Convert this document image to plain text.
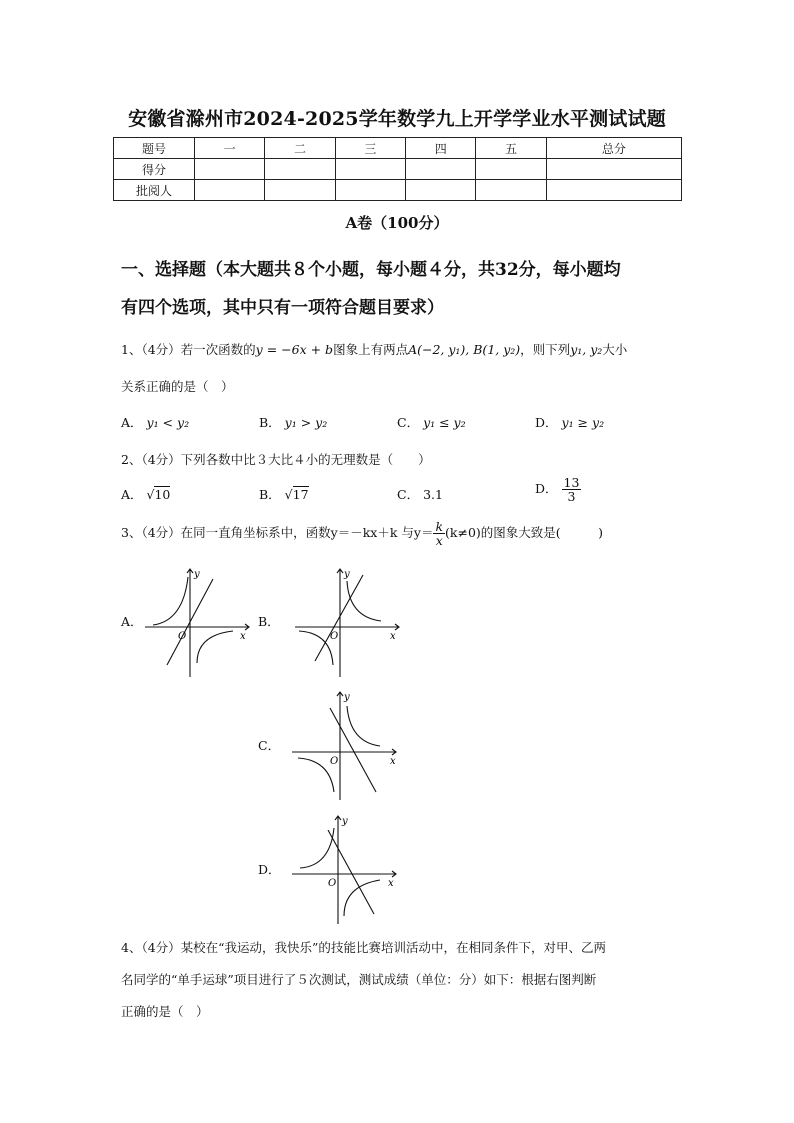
安徽省滁州市2024-2025学年数学九上开学学业水平测试试题
题号	一	二	三	四	五	总分
得分						
批阅人						
A卷（100分）
一、选择题（本大题共８个小题，每小题４分，共32分，每小题均
有四个选项，其中只有一项符合题目要求）
1、（4分）若一次函数的y = −6x + b图象上有两点A(−2, y₁), B(1, y₂)，则下列y₁, y₂大小
关系正确的是（　）
A． y₁ < y₂	B． y₁ > y₂	C． y₁ ≤ y₂	D． y₁ ≥ y₂
2、（4分）下列各数中比３大比４小的无理数是（　　）
A． √10	B． √17	C． 3.1	D． $\frac{13}{3}$
3、（4分）在同一直角坐标系中，函数y＝－kx＋k 与$y= \frac{k}{x} (k\ne 0)$的图象大致是(　　　)
A．	B．
C．
D．
y
x
O
y
x
O
y
x
O
y
x
O
4、（4分）某校在“我运动，我快乐”的技能比赛培训活动中，在相同条件下，对甲、乙两
名同学的“单手运球”项目进行了５次测试，测试成绩（单位：分）如下：根据右图判断
正确的是（　）
